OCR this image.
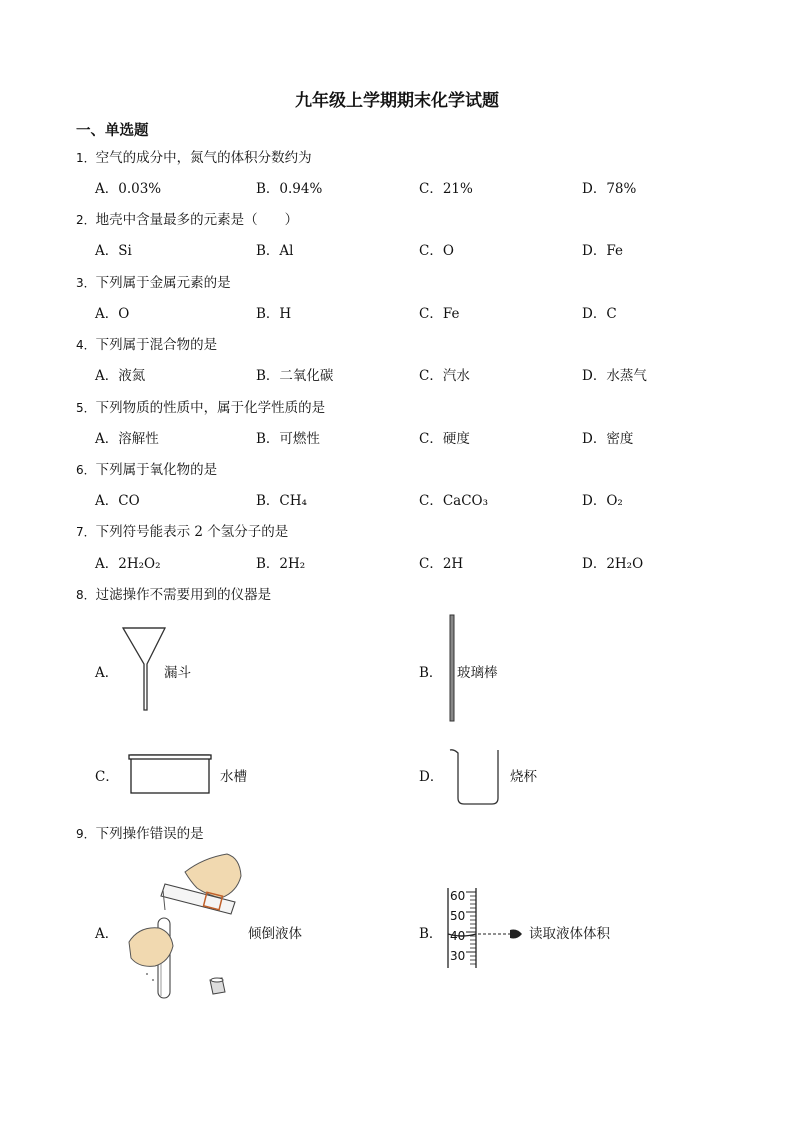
九年级上学期期末化学试题
一、单选题
1．空气的成分中，氮气的体积分数约为
A．0.03%	B．0.94%	C．21%	D．78%
2．地壳中含量最多的元素是（　　）
A．Si	B．Al	C．O	D．Fe
3．下列属于金属元素的是
A．O	B．H	C．Fe	D．C
4．下列属于混合物的是
A．液氮	B．二氧化碳	C．汽水	D．水蒸气
5．下列物质的性质中，属于化学性质的是
A．溶解性	B．可燃性	C．硬度	D．密度
6．下列属于氧化物的是
A．CO	B．CH₄	C．CaCO₃	D．O₂
7．下列符号能表示 2 个氢分子的是
A．2H₂O₂	B．2H₂	C．2H	D．2H₂O
8．过滤操作不需要用到的仪器是
A．	漏斗	B． 玻璃棒
C．	水槽	D．	烧杯
9．下列操作错误的是
A．	倾倒液体	B．
60
50
40
30
读取液体体积
